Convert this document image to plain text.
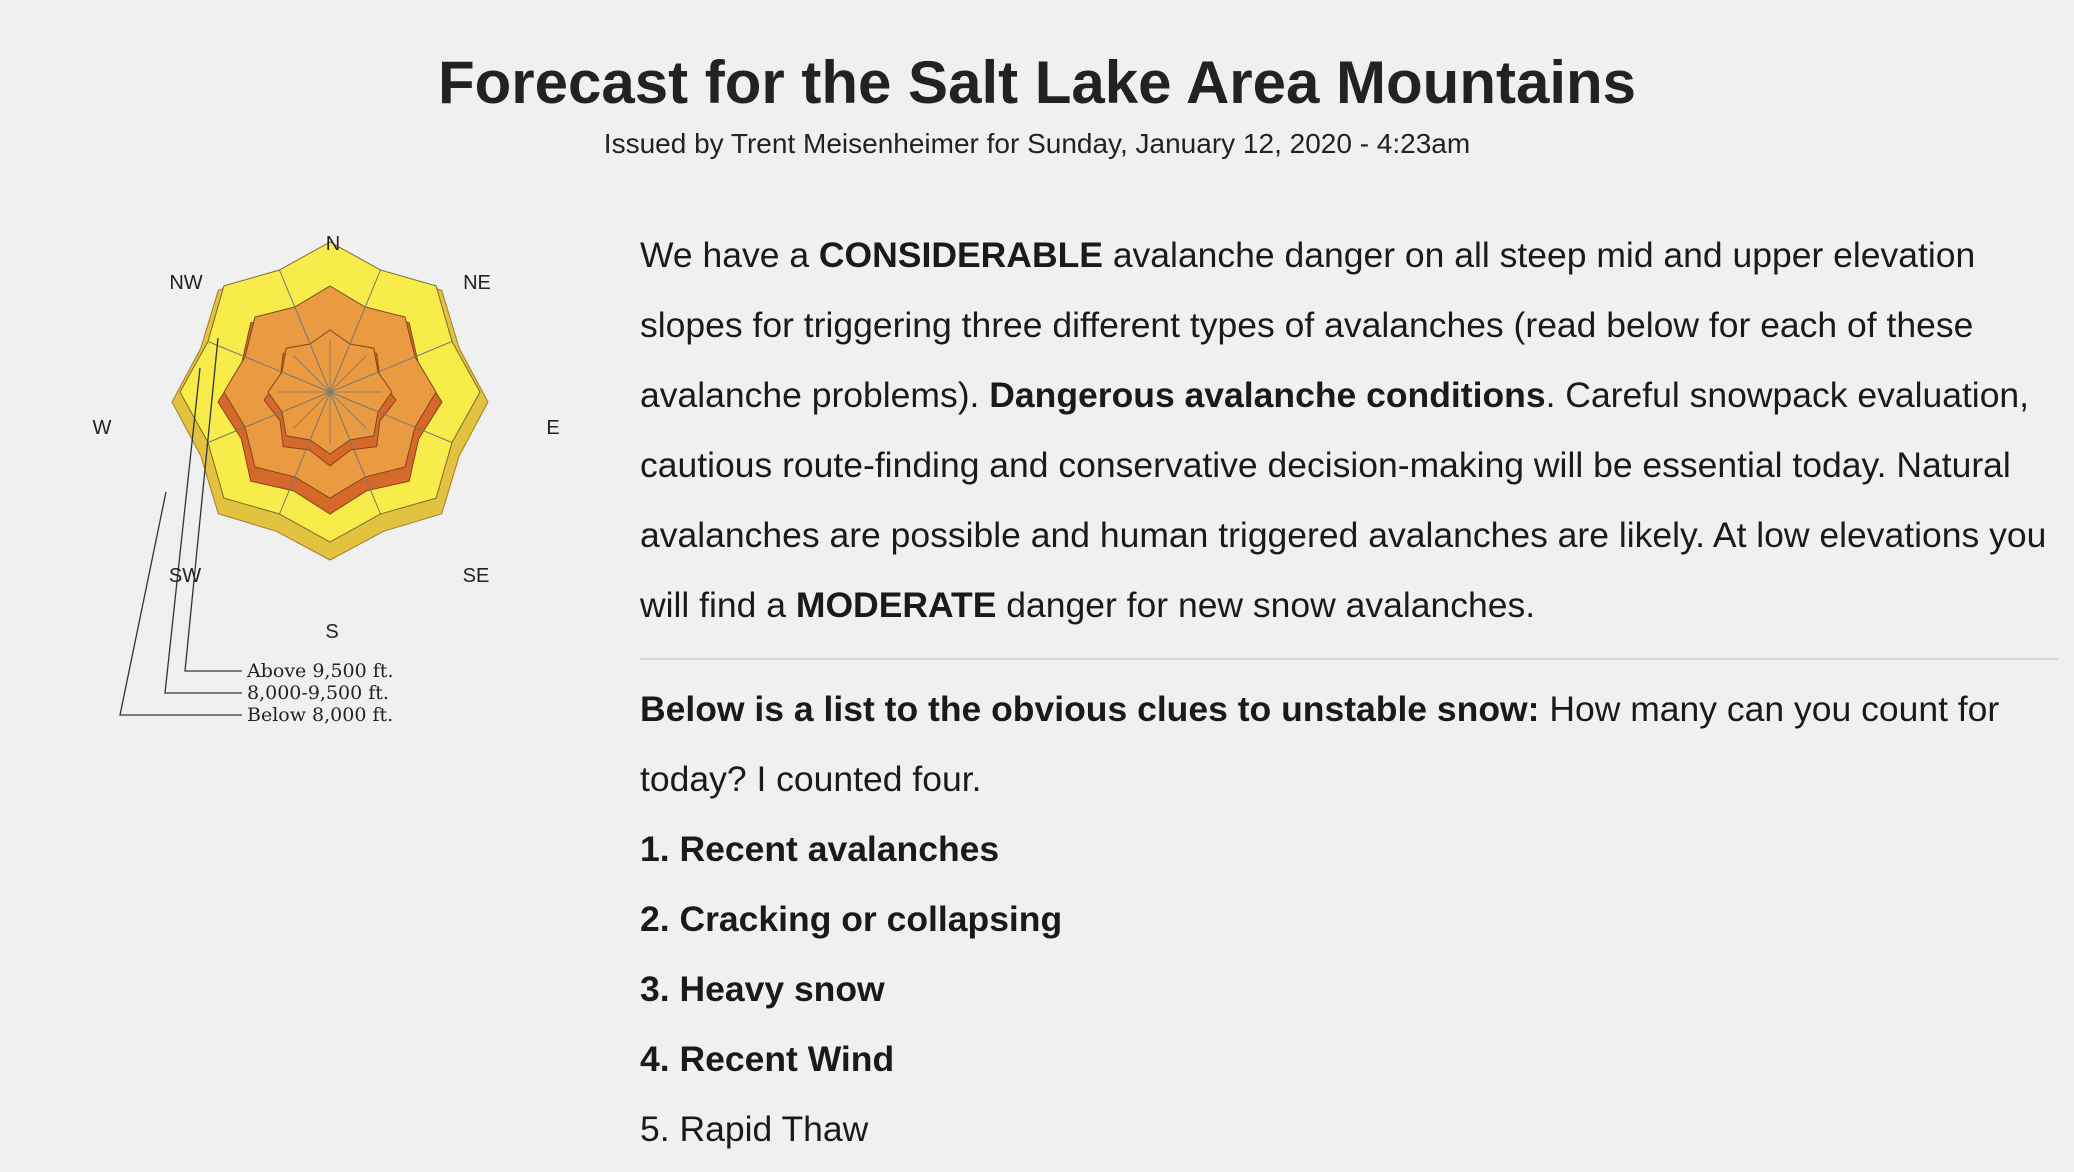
Forecast for the Salt Lake Area Mountains
Issued by Trent Meisenheimer for Sunday, January 12, 2020 - 4:23am
N
NE
E
SE
S
SW
W
NW
Above 9,500 ft.
8,000-9,500 ft.
Below 8,000 ft.

We have a CONSIDERABLE avalanche danger on all steep mid and upper elevation slopes for triggering three different types of avalanches (read below for each of these avalanche problems). Dangerous avalanche conditions. Careful snowpack evaluation, cautious route-finding and conservative decision-making will be essential today. Natural avalanches are possible and human triggered avalanches are likely. At low elevations you will find a MODERATE danger for new snow avalanches.

Below is a list to the obvious clues to unstable snow: How many can you count for today? I counted four.

1. Recent avalanches

2. Cracking or collapsing

3. Heavy snow

4. Recent Wind

5. Rapid Thaw
